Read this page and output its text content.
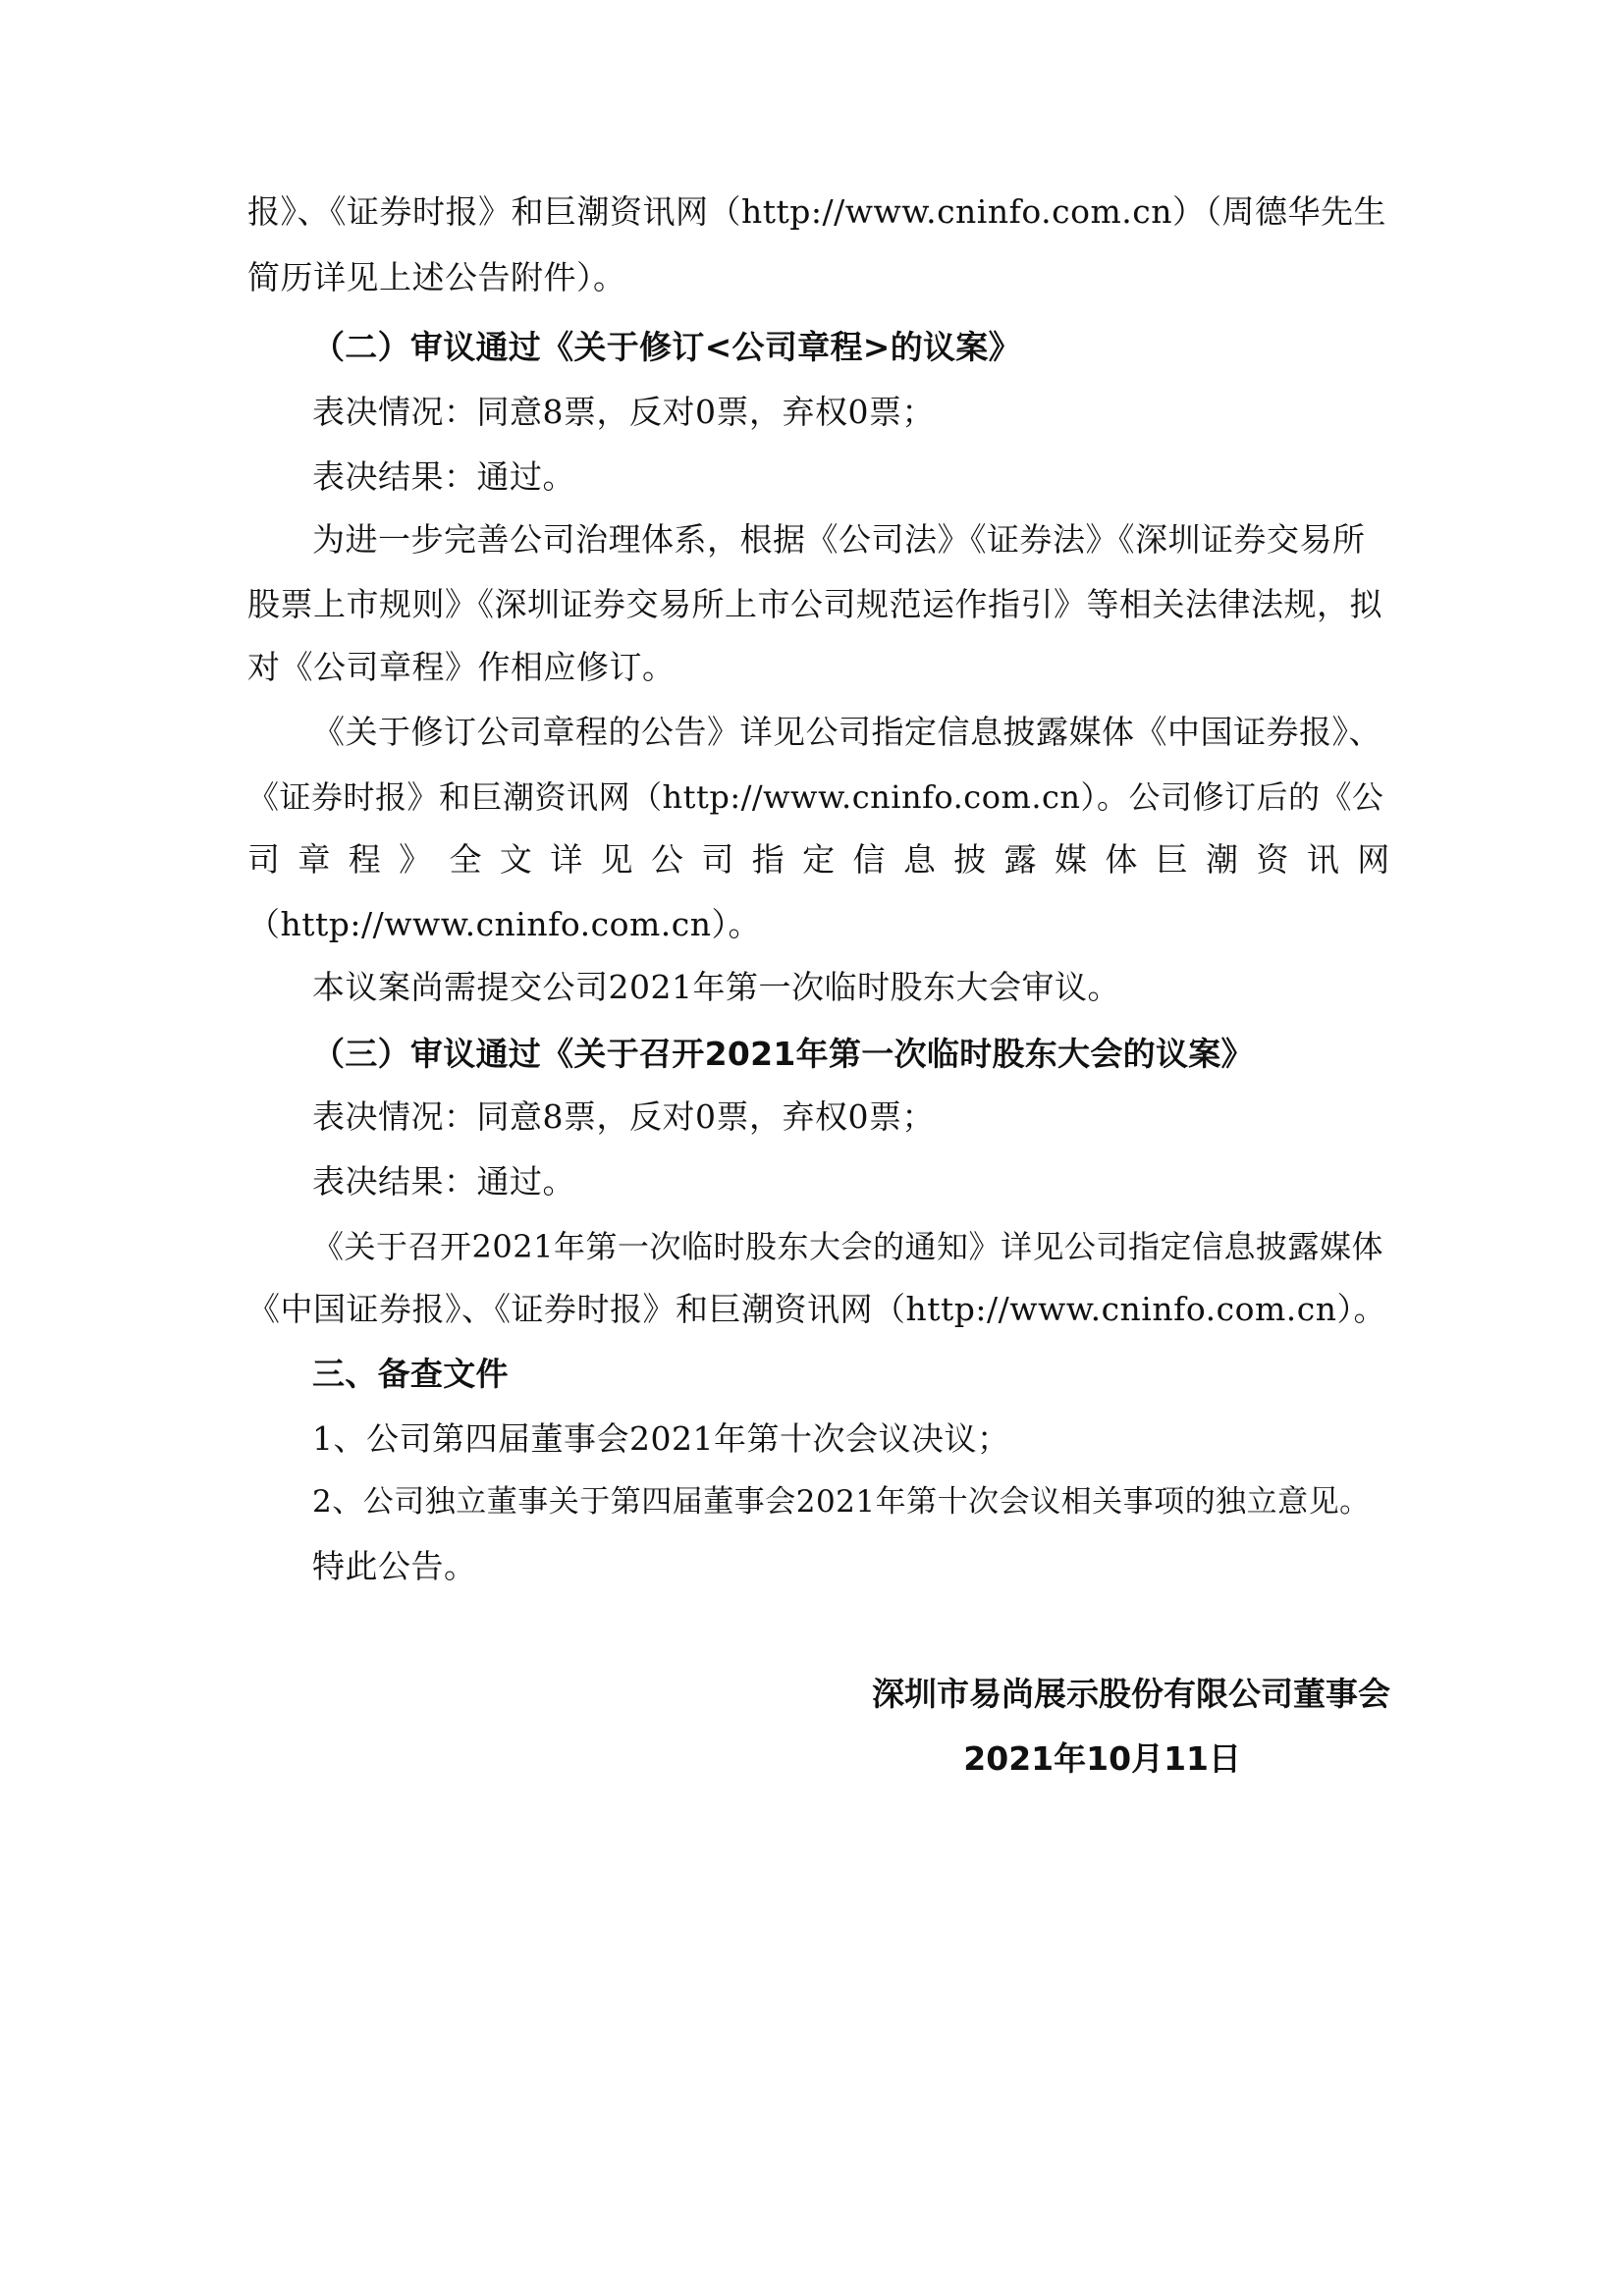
报》、《证券时报》和巨潮资讯网（http://www.cninfo.com.cn）（周德华先生
简历详见上述公告附件）。
（二）审议通过《关于修订<公司章程>的议案》
表决情况：同意8票，反对0票，弃权0票；
表决结果：通过。
为进一步完善公司治理体系，根据《公司法》《证券法》《深圳证券交易所
股票上市规则》《深圳证券交易所上市公司规范运作指引》等相关法律法规，拟
对《公司章程》作相应修订。
《关于修订公司章程的公告》详见公司指定信息披露媒体《中国证券报》、
《证券时报》和巨潮资讯网（http://www.cninfo.com.cn）。公司修订后的《公
司 章 程 》 全 文 详 见 公 司 指 定 信 息 披 露 媒 体 巨 潮 资 讯 网
（http://www.cninfo.com.cn）。
本议案尚需提交公司2021年第一次临时股东大会审议。
（三）审议通过《关于召开2021年第一次临时股东大会的议案》
表决情况：同意8票，反对0票，弃权0票；
表决结果：通过。
《关于召开2021年第一次临时股东大会的通知》详见公司指定信息披露媒体
《中国证券报》、《证券时报》和巨潮资讯网（http://www.cninfo.com.cn）。
三、备查文件
1、公司第四届董事会2021年第十次会议决议；
2、公司独立董事关于第四届董事会2021年第十次会议相关事项的独立意见。
特此公告。
深圳市易尚展示股份有限公司董事会
2021年10月11日
